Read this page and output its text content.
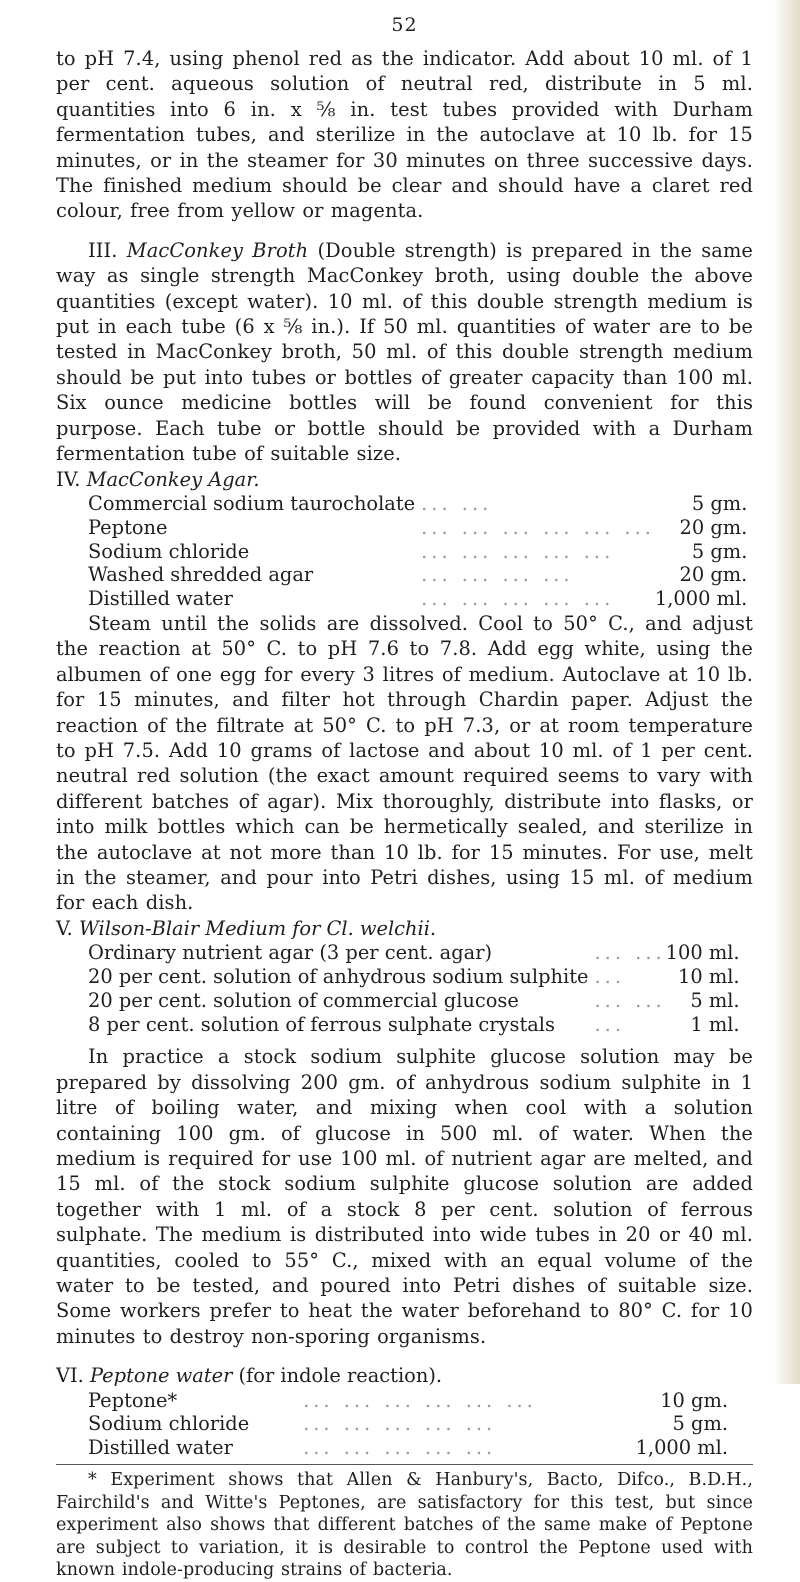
52

to pH 7.4, using phenol red as the indicator. Add about 10 ml. of 1 per cent. aqueous solution of neutral red, distribute in 5 ml. quantities into 6 in. x ⅝ in. test tubes provided with Durham fermentation tubes, and sterilize in the autoclave at 10 lb. for 15 minutes, or in the steamer for 30 minutes on three successive days. The finished medium should be clear and should have a claret red colour, free from yellow or magenta.

III. MacConkey Broth (Double strength) is prepared in the same way as single strength MacConkey broth, using double the above quantities (except water). 10 ml. of this double strength medium is put in each tube (6 x ⅝ in.). If 50 ml. quantities of water are to be tested in MacConkey broth, 50 ml. of this double strength medium should be put into tubes or bottles of greater capacity than 100 ml. Six ounce medicine bottles will be found convenient for this purpose. Each tube or bottle should be provided with a Durham fermentation tube of suitable size.

IV. MacConkey Agar.
Commercial sodium taurocholate	... ...	5 gm.
Peptone	... ... ... ... ... ...	20 gm.
Sodium chloride	... ... ... ... ...	5 gm.
Washed shredded agar	... ... ... ...	20 gm.
Distilled water	... ... ... ... ...	1,000 ml.

Steam until the solids are dissolved. Cool to 50° C., and adjust the reaction at 50° C. to pH 7.6 to 7.8. Add egg white, using the albumen of one egg for every 3 litres of medium. Autoclave at 10 lb. for 15 minutes, and filter hot through Chardin paper. Adjust the reaction of the filtrate at 50° C. to pH 7.3, or at room temperature to pH 7.5. Add 10 grams of lactose and about 10 ml. of 1 per cent. neutral red solution (the exact amount required seems to vary with different batches of agar). Mix thoroughly, distribute into flasks, or into milk bottles which can be hermetically sealed, and sterilize in the autoclave at not more than 10 lb. for 15 minutes. For use, melt in the steamer, and pour into Petri dishes, using 15 ml. of medium for each dish.

V. Wilson-Blair Medium for Cl. welchii.
Ordinary nutrient agar (3 per cent. agar)	... ...	100 ml.
20 per cent. solution of anhydrous sodium sulphite	...	10 ml.
20 per cent. solution of commercial glucose	... ...	5 ml.
8 per cent. solution of ferrous sulphate crystals	...	1 ml.

In practice a stock sodium sulphite glucose solution may be prepared by dissolving 200 gm. of anhydrous sodium sulphite in 1 litre of boiling water, and mixing when cool with a solution containing 100 gm. of glucose in 500 ml. of water. When the medium is required for use 100 ml. of nutrient agar are melted, and 15 ml. of the stock sodium sulphite glucose solution are added together with 1 ml. of a stock 8 per cent. solution of ferrous sulphate. The medium is distributed into wide tubes in 20 or 40 ml. quantities, cooled to 55° C., mixed with an equal volume of the water to be tested, and poured into Petri dishes of suitable size. Some workers prefer to heat the water beforehand to 80° C. for 10 minutes to destroy non-sporing organisms.

VI. Peptone water (for indole reaction).
Peptone*	... ... ... ... ... ...	10 gm.
Sodium chloride	... ... ... ... ...	5 gm.
Distilled water	... ... ... ... ...	1,000 ml.

* Experiment shows that Allen & Hanbury's, Bacto, Difco., B.D.H., Fairchild's and Witte's Peptones, are satisfactory for this test, but since experiment also shows that different batches of the same make of Peptone are subject to variation, it is desirable to control the Peptone used with known indole-producing strains of bacteria.
